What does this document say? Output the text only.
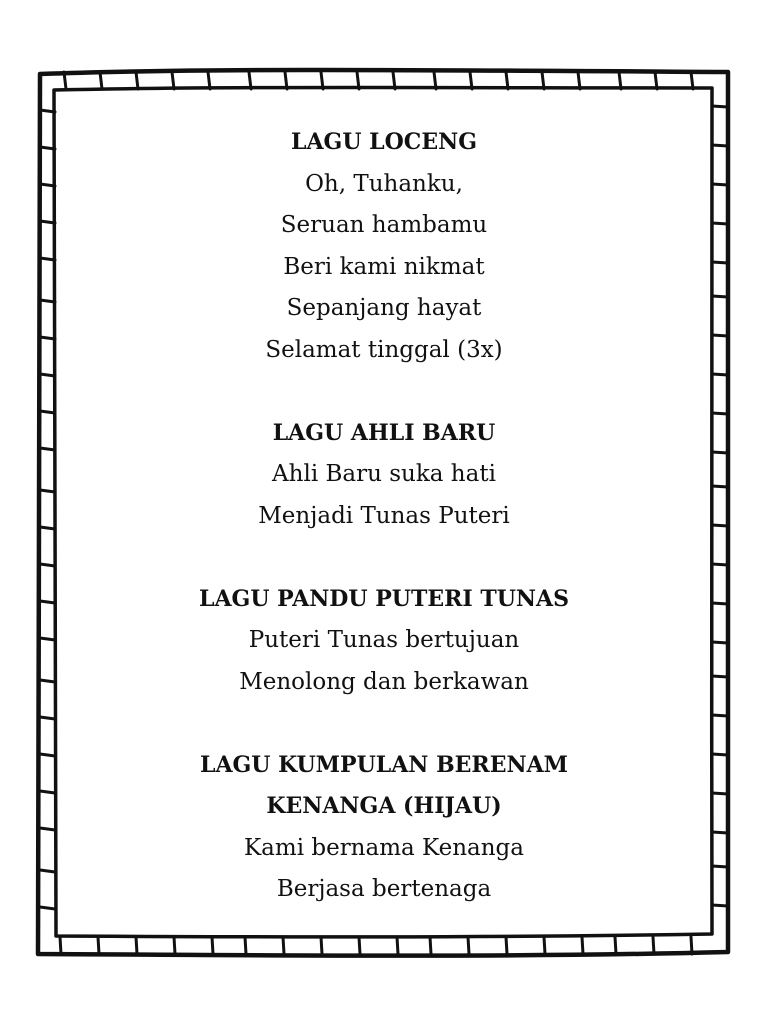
LAGU LOCENG
Oh, Tuhanku,
Seruan hambamu
Beri kami nikmat
Sepanjang hayat
Selamat tinggal (3x)
LAGU AHLI BARU
Ahli Baru suka hati
Menjadi Tunas Puteri
LAGU PANDU PUTERI TUNAS
Puteri Tunas bertujuan
Menolong dan berkawan
LAGU KUMPULAN BERENAM
KENANGA (HIJAU)
Kami bernama Kenanga
Berjasa bertenaga
